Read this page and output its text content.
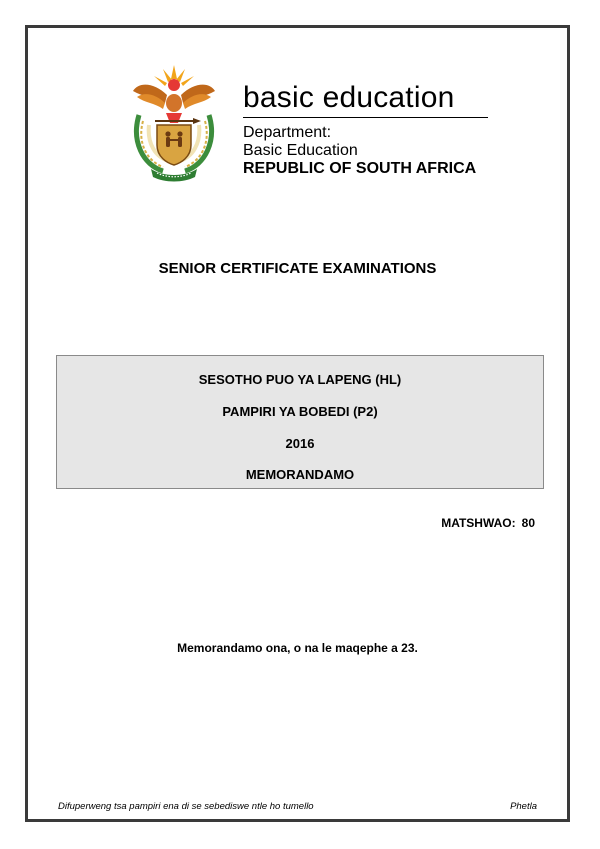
basic education
Department:
Basic Education
REPUBLIC OF SOUTH AFRICA
SENIOR CERTIFICATE EXAMINATIONS
SESOTHO PUO YA LAPENG (HL)
PAMPIRI YA BOBEDI (P2)
2016
MEMORANDAMO
MATSHWAO: 80
Memorandamo ona, o na le maqephe a 23.
Difuperweng tsa pampiri ena di se sebediswe ntle ho tumello	Phetla
